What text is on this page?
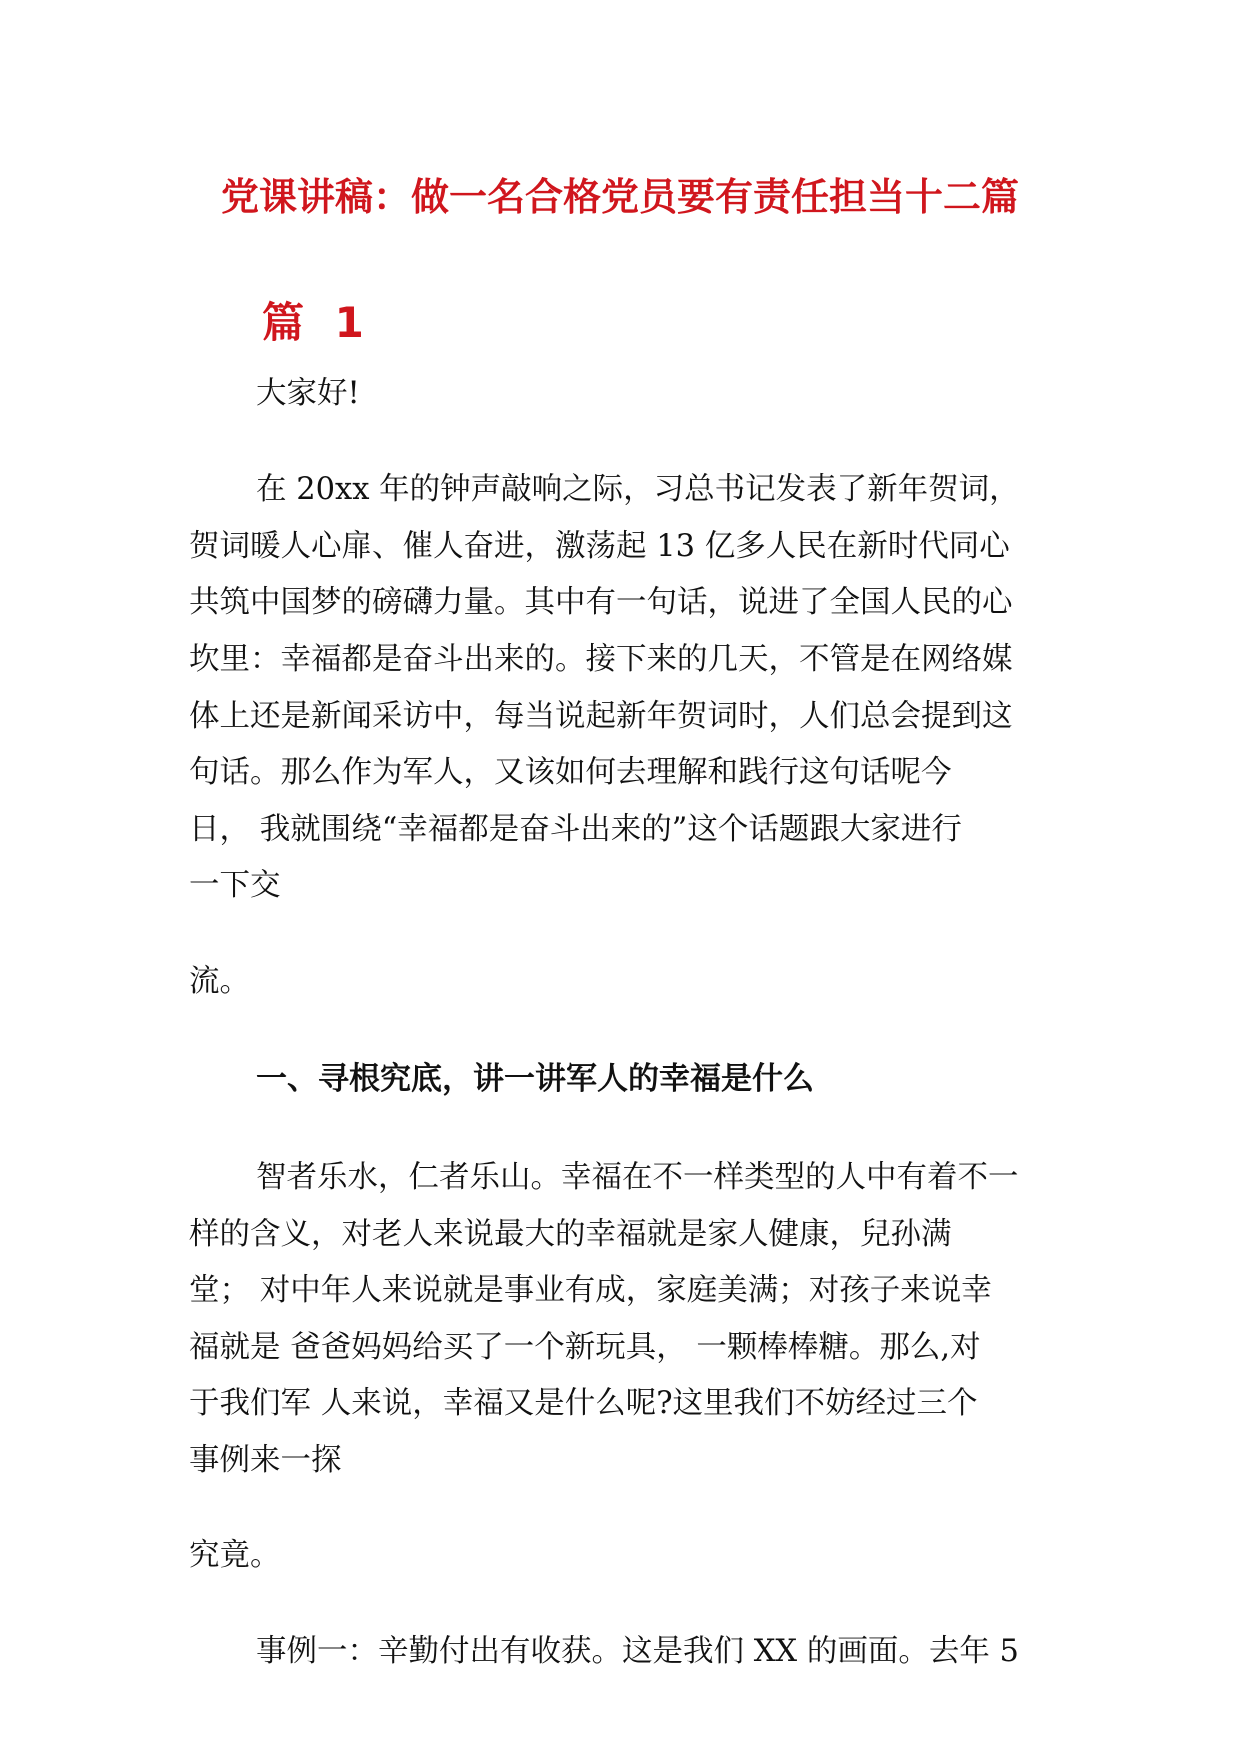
党课讲稿：做一名合格党员要有责任担当十二篇
篇 1
大家好!
在 20xx 年的钟声敲响之际，习总书记发表了新年贺词，
贺词暖人心扉、催人奋进，激荡起 13 亿多人民在新时代同心
共筑中国梦的磅礴力量。其中有一句话，说进了全国人民的心
坎里：幸福都是奋斗出来的。接下来的几天，不管是在网络媒
体上还是新闻采访中，每当说起新年贺词时，人们总会提到这
句话。那么作为军人，又该如何去理解和践行这句话呢今
日， 我就围绕“幸福都是奋斗出来的”这个话题跟大家进行
一下交
流。
一、寻根究底，讲一讲军人的幸福是什么
智者乐水，仁者乐山。幸福在不一样类型的人中有着不一
样的含义，对老人来说最大的幸福就是家人健康，兒孙满
堂； 对中年人来说就是事业有成，家庭美满；对孩子来说幸
福就是 爸爸妈妈给买了一个新玩具， 一颗棒棒糖。那么,对
于我们军 人来说，幸福又是什么呢?这里我们不妨经过三个
事例来一探
究竟。
事例一：辛勤付出有收获。这是我们 XX 的画面。去年 5
